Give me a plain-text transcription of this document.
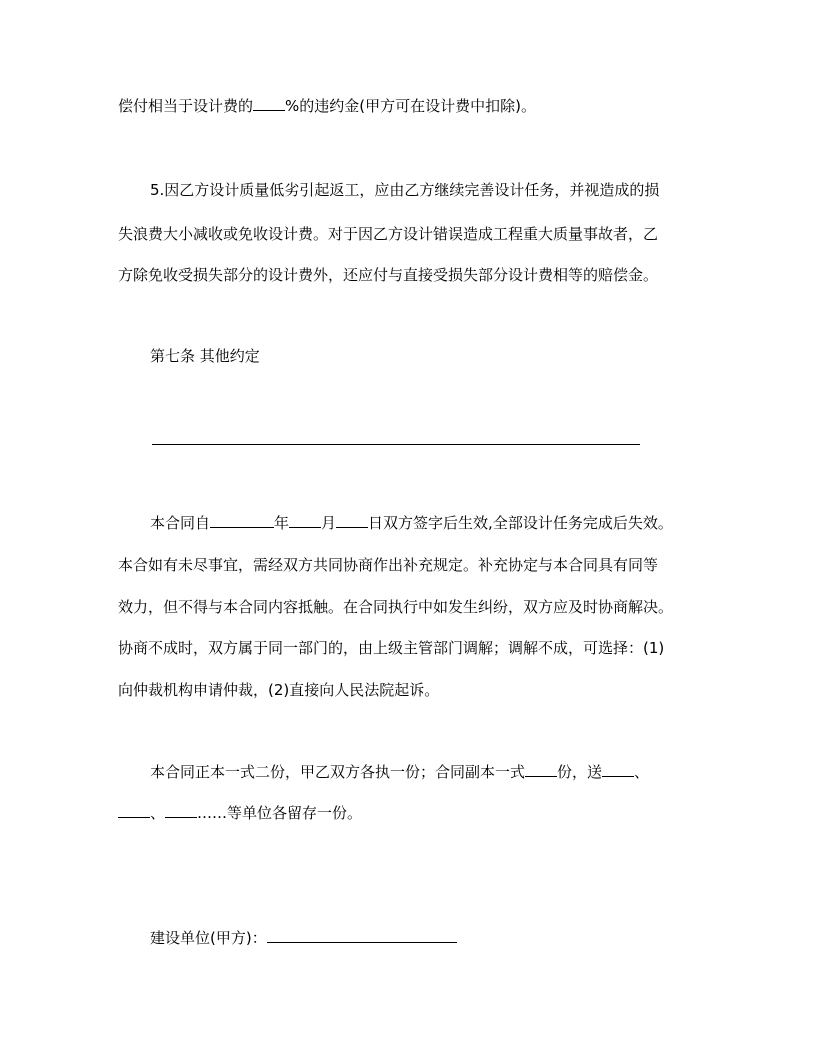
偿付相当于设计费的 %的违约金(甲方可在设计费中扣除)。
5.因乙方设计质量低劣引起返工，应由乙方继续完善设计任务，并视造成的损
失浪费大小减收或免收设计费。对于因乙方设计错误造成工程重大质量事故者，乙
方除免收受损失部分的设计费外，还应付与直接受损失部分设计费相等的赔偿金。
第七条 其他约定
本合同自	年 月 日双方签字后生效,全部设计任务完成后失效。
本合如有未尽事宜，需经双方共同协商作出补充规定。补充协定与本合同具有同等
效力，但不得与本合同内容抵触。在合同执行中如发生纠纷，双方应及时协商解决。
协商不成时，双方属于同一部门的，由上级主管部门调解；调解不成，可选择：(1)
向仲裁机构申请仲裁，(2)直接向人民法院起诉。
本合同正本一式二份，甲乙双方各执一份；合同副本一式 份，送 、
、 ……等单位各留存一份。
建设单位(甲方)：
